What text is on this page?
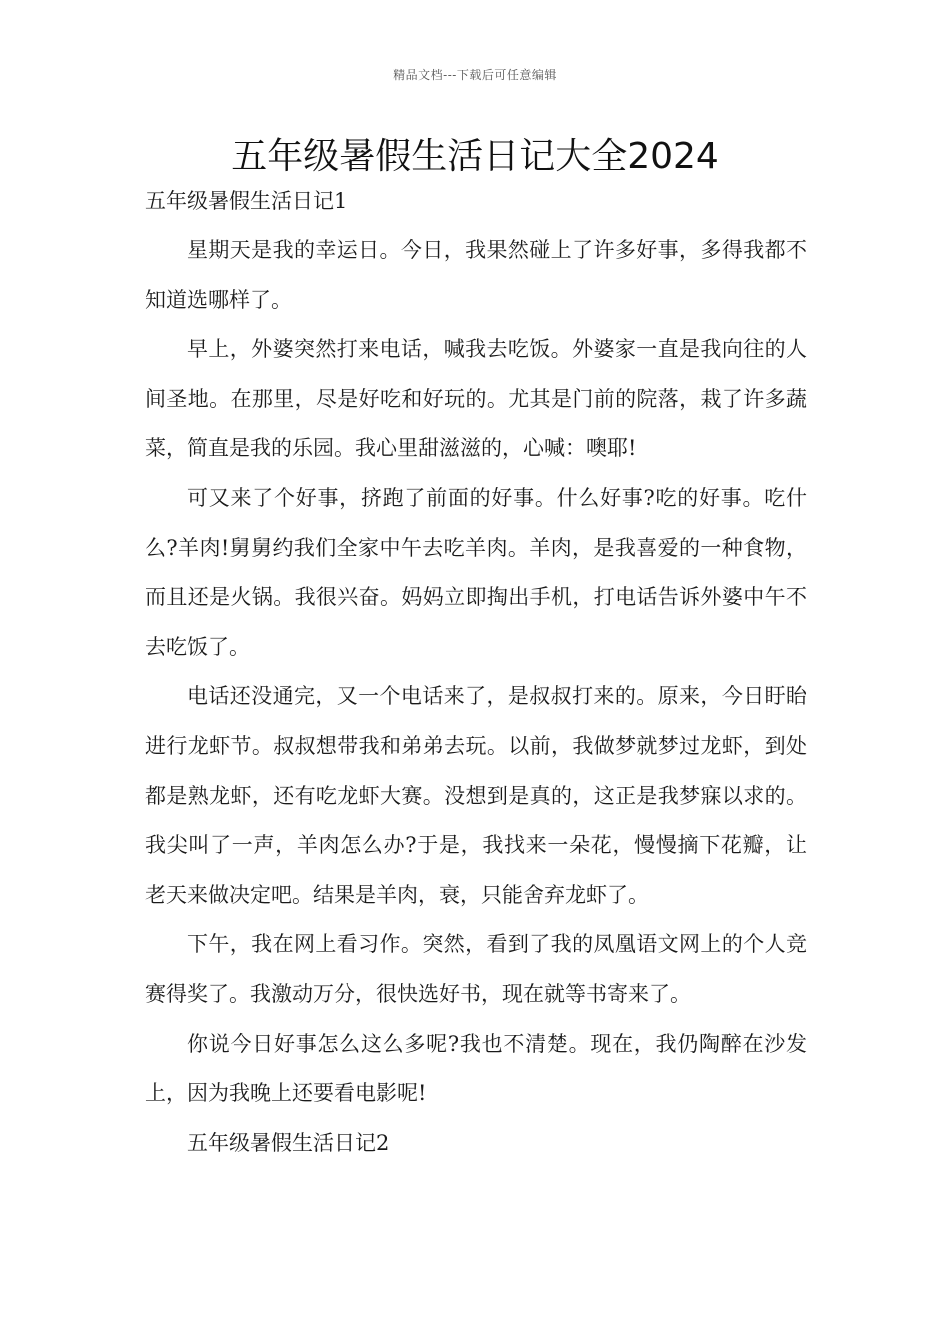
精品文档---下载后可任意编辑
五年级暑假生活日记大全2024

五年级暑假生活日记1

星期天是我的幸运日。今日，我果然碰上了许多好事，多得我都不知道选哪样了。

早上，外婆突然打来电话，喊我去吃饭。外婆家一直是我向往的人间圣地。在那里，尽是好吃和好玩的。尤其是门前的院落，栽了许多蔬菜，简直是我的乐园。我心里甜滋滋的，心喊：噢耶!

可又来了个好事，挤跑了前面的好事。什么好事?吃的好事。吃什么?羊肉!舅舅约我们全家中午去吃羊肉。羊肉，是我喜爱的一种食物，而且还是火锅。我很兴奋。妈妈立即掏出手机，打电话告诉外婆中午不去吃饭了。

电话还没通完，又一个电话来了，是叔叔打来的。原来，今日盱眙进行龙虾节。叔叔想带我和弟弟去玩。以前，我做梦就梦过龙虾，到处都是熟龙虾，还有吃龙虾大赛。没想到是真的，这正是我梦寐以求的。我尖叫了一声，羊肉怎么办?于是，我找来一朵花，慢慢摘下花瓣，让老天来做决定吧。结果是羊肉，衰，只能舍弃龙虾了。

下午，我在网上看习作。突然，看到了我的凤凰语文网上的个人竞赛得奖了。我激动万分，很快选好书，现在就等书寄来了。

你说今日好事怎么这么多呢?我也不清楚。现在，我仍陶醉在沙发上，因为我晚上还要看电影呢!

五年级暑假生活日记2
